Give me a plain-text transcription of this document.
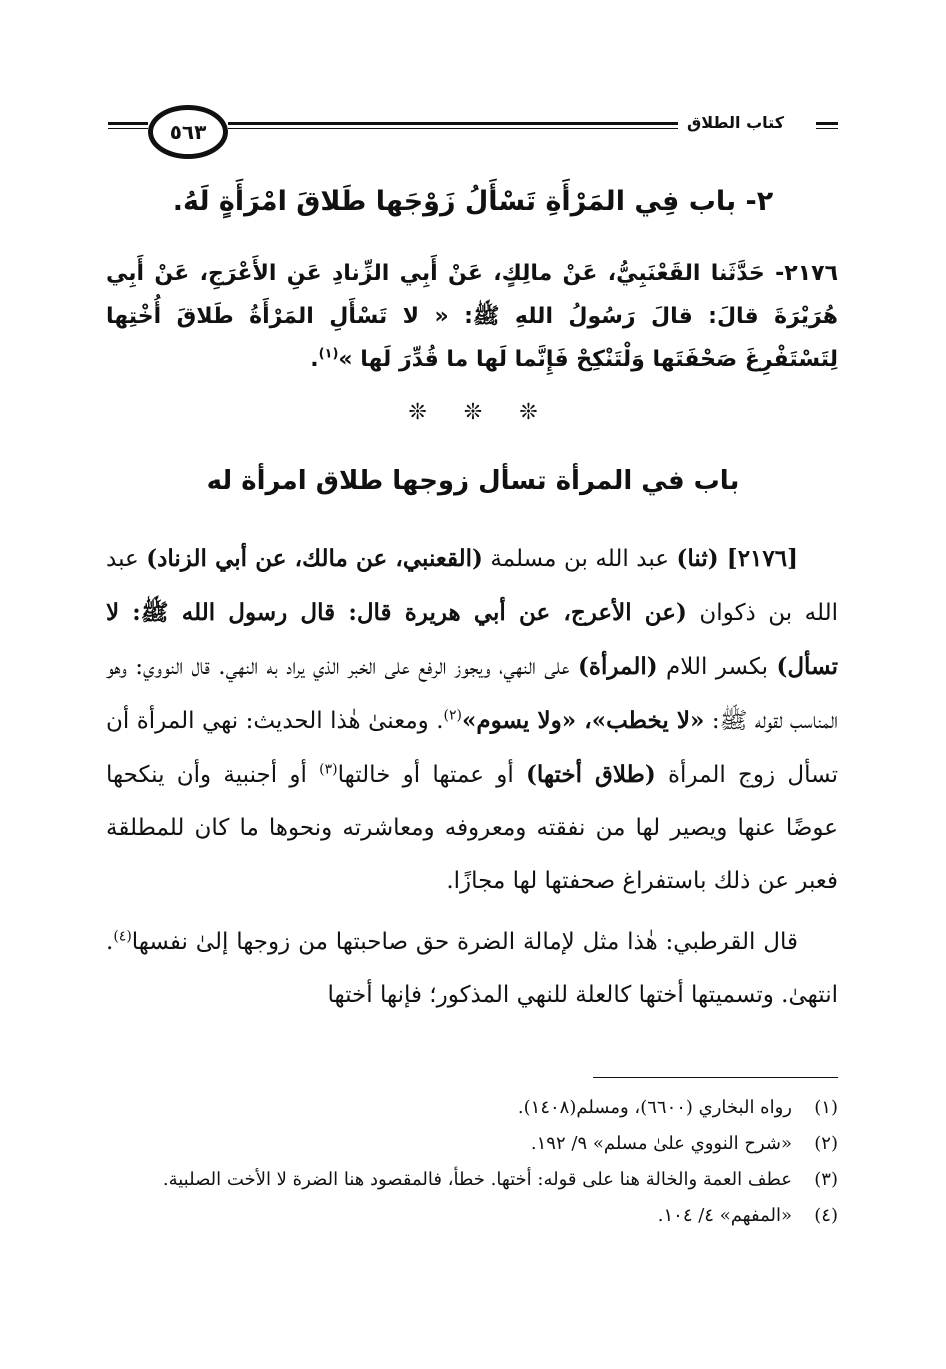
كتاب الطلاق
٥٦٣
٢- باب فِي المَرْأَةِ تَسْأَلُ زَوْجَها طَلاقَ امْرَأَةٍ لَهُ.
٢١٧٦- حَدَّثَنا القَعْنَبِيُّ، عَنْ مالِكٍ، عَنْ أَبِي الزِّنادِ عَنِ الأَعْرَجِ، عَنْ أَبِي هُرَيْرَةَ قالَ: قالَ رَسُولُ اللهِ ﷺ: « لا تَسْأَلِ المَرْأَةُ طَلاقَ أُخْتِها لِتَسْتَفْرِغَ صَحْفَتَها وَلْتَنْكِحْ فَإِنَّما لَها ما قُدِّرَ لَها »$^{(١)}$.
❊ ❊ ❊
باب في المرأة تسأل زوجها طلاق امرأة له

[٢١٧٦] (ثنا) عبد الله بن مسلمة (القعنبي، عن مالك، عن أبي الزناد) عبد الله بن ذكوان (عن الأعرج، عن أبي هريرة قال: قال رسول الله ﷺ: لا تسأل) بكسر اللام (المرأة) على النهي، ويجوز الرفع على الخبر الذي يراد به النهي. قال النووي: وهو المناسب لقوله ﷺ: «لا يخطب»، «ولا يسوم»$^{(٢)}$. ومعنىٰ هٰذا الحديث: نهي المرأة أن تسأل زوج المرأة (طلاق أختها) أو عمتها أو خالتها$^{(٣)}$ أو أجنبية وأن ينكحها عوضًا عنها ويصير لها من نفقته ومعروفه ومعاشرته ونحوها ما كان للمطلقة فعبر عن ذلك باستفراغ صحفتها لها مجازًا.

قال القرطبي: هٰذا مثل لإمالة الضرة حق صاحبتها من زوجها إلىٰ نفسها$^{(٤)}$. انتهىٰ. وتسميتها أختها كالعلة للنهي المذكور؛ فإنها أختها

(١)
رواه البخاري (٦٦٠٠)، ومسلم(١٤٠٨).
(٢)
«شرح النووي علىٰ مسلم» ٩/ ١٩٢.
(٣)
عطف العمة والخالة هنا على قوله: أختها. خطأ، فالمقصود هنا الضرة لا الأخت الصلبية.
(٤)
«المفهم» ٤/ ١٠٤.
